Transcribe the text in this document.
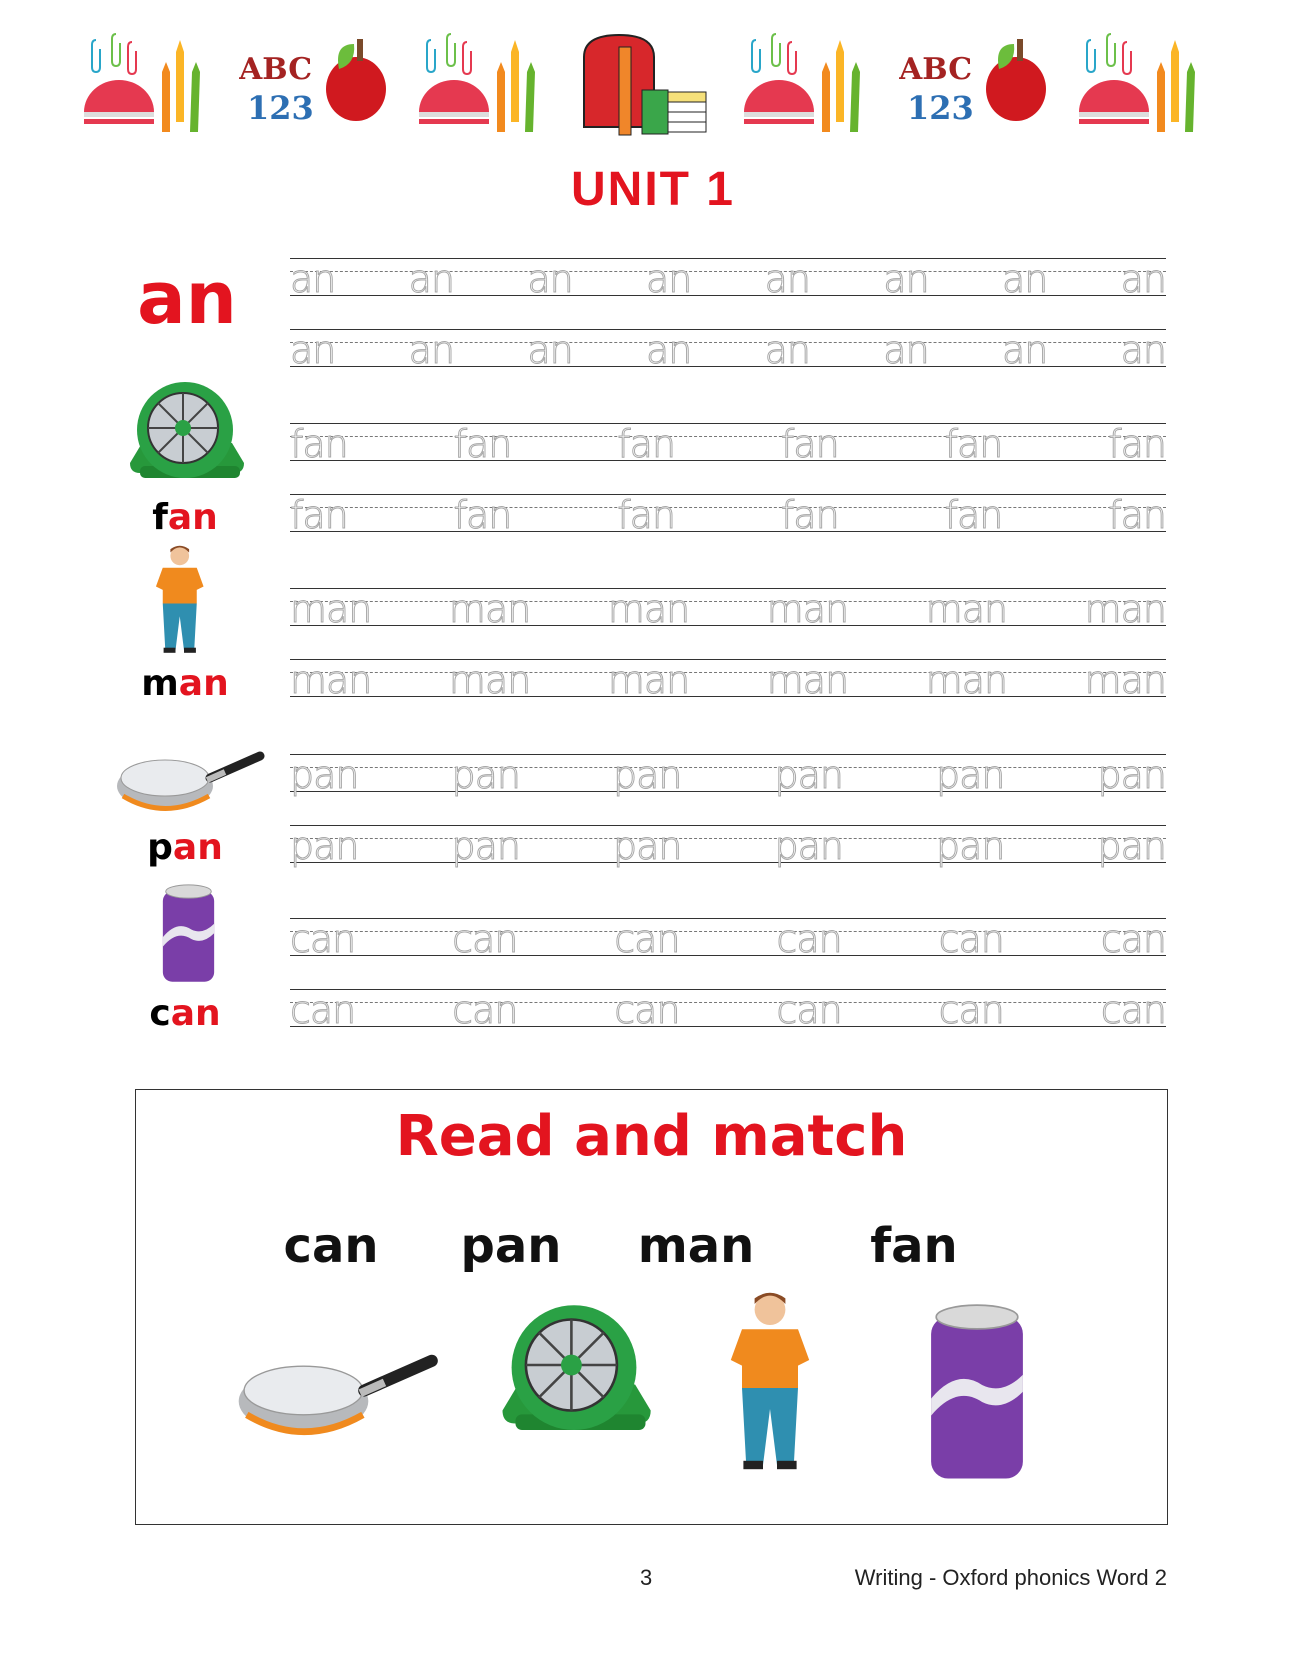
ABC
123
ABC
123
UNIT 1
an an an an an an an an an
an an an an an an an an
fan
fan	fan	fan	fan	fan	fan
fan	fan	fan	fan	fan	fan
man
man man man man man man
man man man man man man
pan
pan pan pan pan pan pan
pan pan pan pan pan pan
can
can	can	can	can	can	can
can	can	can	can	can	can
Read and match
can	pan	man	fan
3	Writing - Oxford phonics Word 2
